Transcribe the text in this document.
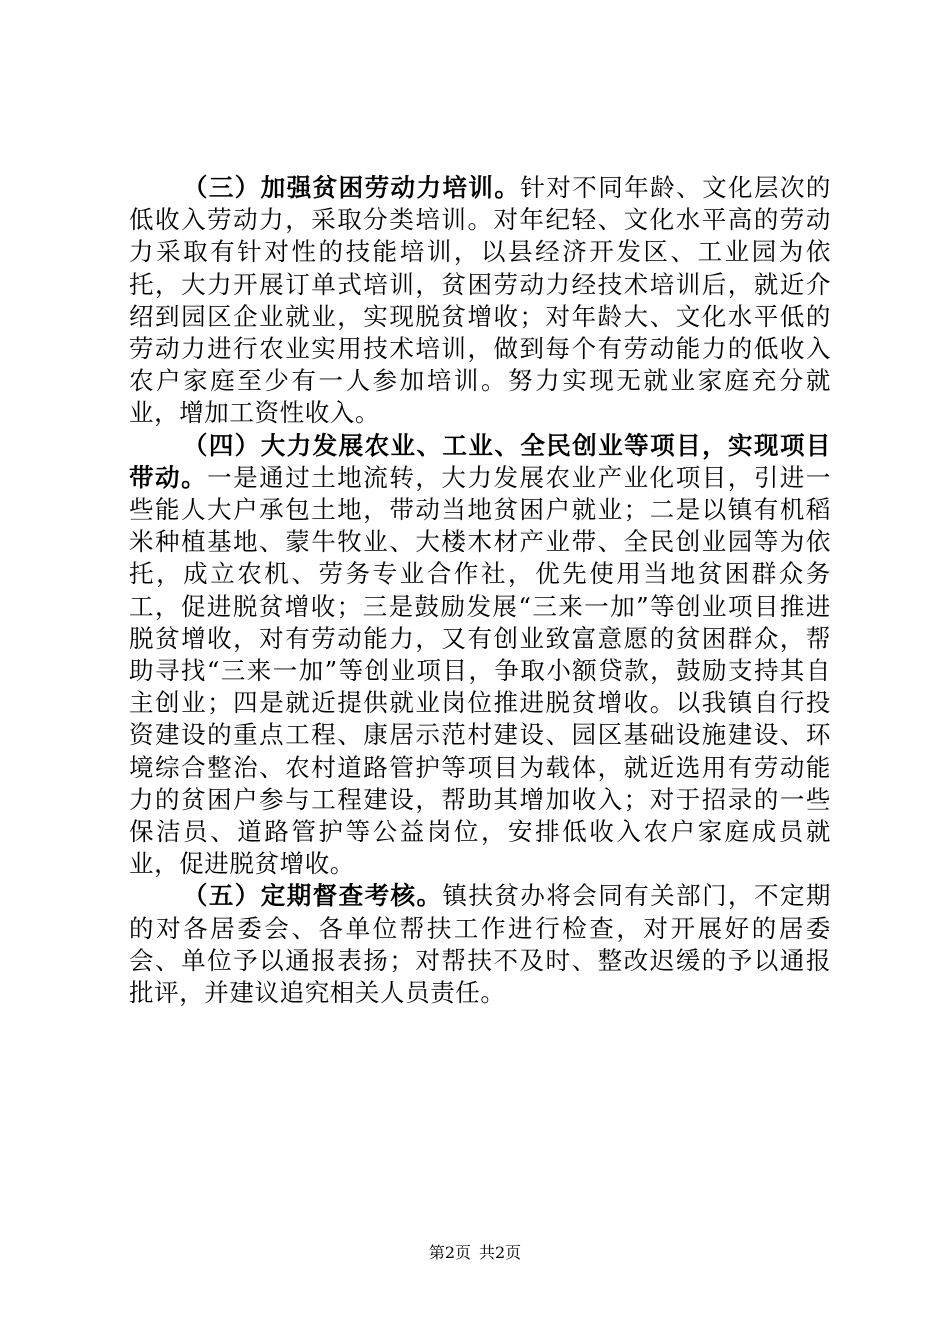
（三）加强贫困劳动力培训。针对不同年龄、文化层次的低收入劳动力，采取分类培训。对年纪轻、文化水平高的劳动力采取有针对性的技能培训，以县经济开发区、工业园为依托，大力开展订单式培训，贫困劳动力经技术培训后，就近介绍到园区企业就业，实现脱贫增收；对年龄大、文化水平低的劳动力进行农业实用技术培训，做到每个有劳动能力的低收入农户家庭至少有一人参加培训。努力实现无就业家庭充分就业，增加工资性收入。

（四）大力发展农业、工业、全民创业等项目，实现项目带动。一是通过土地流转，大力发展农业产业化项目，引进一些能人大户承包土地，带动当地贫困户就业；二是以镇有机稻米种植基地、蒙牛牧业、大楼木材产业带、全民创业园等为依托，成立农机、劳务专业合作社，优先使用当地贫困群众务工，促进脱贫增收；三是鼓励发展“三来一加”等创业项目推进脱贫增收，对有劳动能力，又有创业致富意愿的贫困群众，帮助寻找“三来一加”等创业项目，争取小额贷款，鼓励支持其自主创业；四是就近提供就业岗位推进脱贫增收。以我镇自行投资建设的重点工程、康居示范村建设、园区基础设施建设、环境综合整治、农村道路管护等项目为载体，就近选用有劳动能力的贫困户参与工程建设，帮助其增加收入；对于招录的一些保洁员、道路管护等公益岗位，安排低收入农户家庭成员就业，促进脱贫增收。

（五）定期督查考核。镇扶贫办将会同有关部门，不定期的对各居委会、各单位帮扶工作进行检查，对开展好的居委会、单位予以通报表扬；对帮扶不及时、整改迟缓的予以通报批评，并建议追究相关人员责任。

第2页 共2页
